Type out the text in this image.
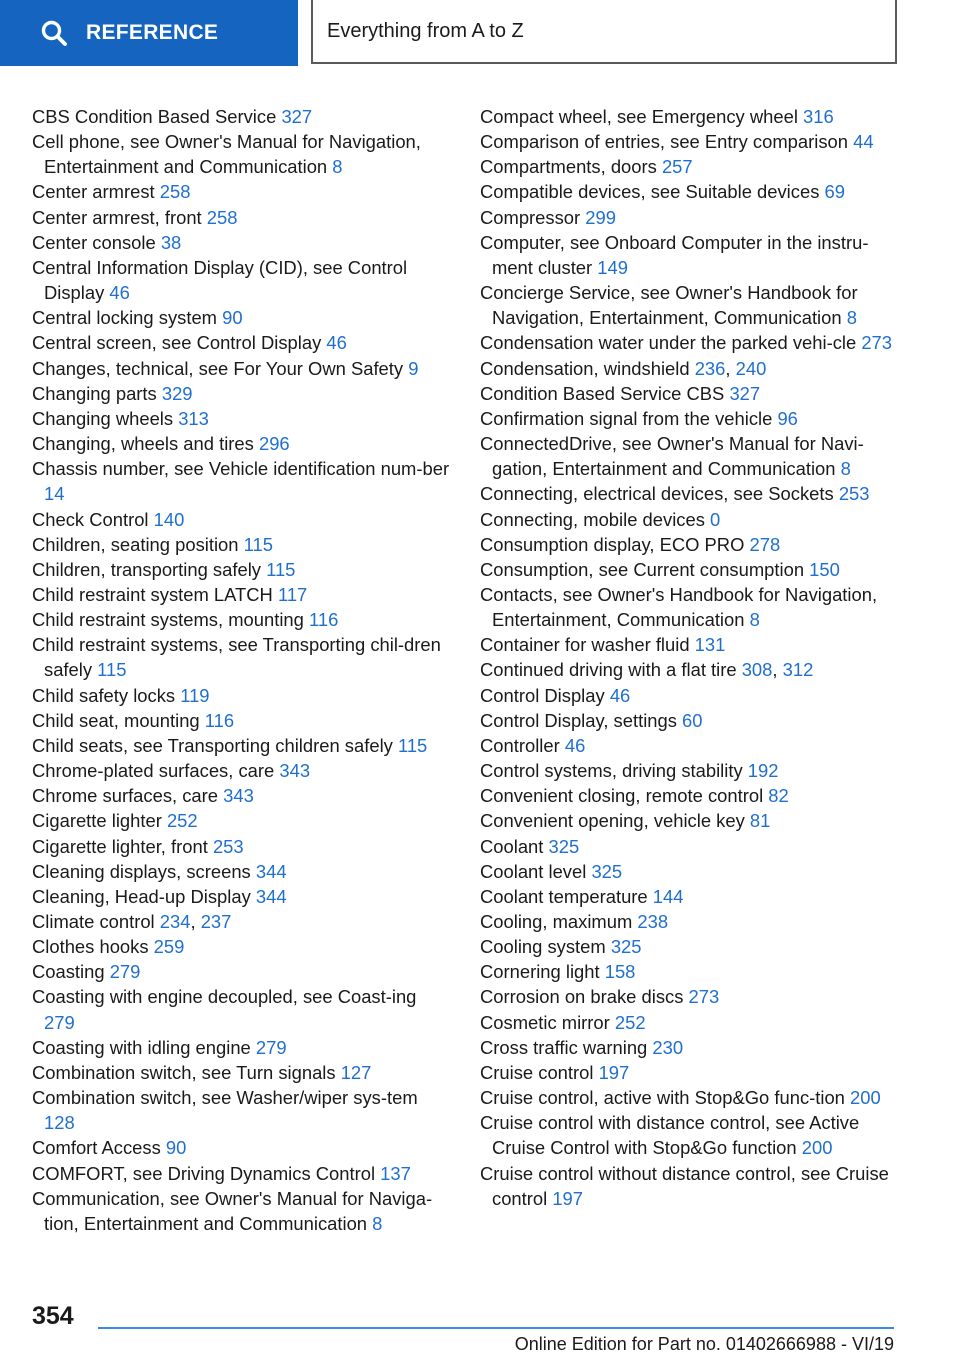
REFERENCE	Everything from A to Z
CBS Condition Based Service 327
Cell phone, see Owner's Manual for Navigation, Entertainment and Communication 8
Center armrest 258
Center armrest, front 258
Center console 38
Central Information Display (CID), see Control Display 46
Central locking system 90
Central screen, see Control Display 46
Changes, technical, see For Your Own Safety 9
Changing parts 329
Changing wheels 313
Changing, wheels and tires 296
Chassis number, see Vehicle identification num-ber 14
Check Control 140
Children, seating position 115
Children, transporting safely 115
Child restraint system LATCH 117
Child restraint systems, mounting 116
Child restraint systems, see Transporting chil-dren safely 115
Child safety locks 119
Child seat, mounting 116
Child seats, see Transporting children safely 115
Chrome-plated surfaces, care 343
Chrome surfaces, care 343
Cigarette lighter 252
Cigarette lighter, front 253
Cleaning displays, screens 344
Cleaning, Head-up Display 344
Climate control 234, 237
Clothes hooks 259
Coasting 279
Coasting with engine decoupled, see Coast-ing 279
Coasting with idling engine 279
Combination switch, see Turn signals 127
Combination switch, see Washer/wiper sys-tem 128
Comfort Access 90
COMFORT, see Driving Dynamics Control 137
Communication, see Owner's Manual for Naviga-tion, Entertainment and Communication 8
Compact wheel, see Emergency wheel 316
Comparison of entries, see Entry comparison 44
Compartments, doors 257
Compatible devices, see Suitable devices 69
Compressor 299
Computer, see Onboard Computer in the instru-ment cluster 149
Concierge Service, see Owner's Handbook for Navigation, Entertainment, Communication 8
Condensation water under the parked vehi-cle 273
Condensation, windshield 236, 240
Condition Based Service CBS 327
Confirmation signal from the vehicle 96
ConnectedDrive, see Owner's Manual for Navi-gation, Entertainment and Communication 8
Connecting, electrical devices, see Sockets 253
Connecting, mobile devices 0
Consumption display, ECO PRO 278
Consumption, see Current consumption 150
Contacts, see Owner's Handbook for Navigation, Entertainment, Communication 8
Container for washer fluid 131
Continued driving with a flat tire 308, 312
Control Display 46
Control Display, settings 60
Controller 46
Control systems, driving stability 192
Convenient closing, remote control 82
Convenient opening, vehicle key 81
Coolant 325
Coolant level 325
Coolant temperature 144
Cooling, maximum 238
Cooling system 325
Cornering light 158
Corrosion on brake discs 273
Cosmetic mirror 252
Cross traffic warning 230
Cruise control 197
Cruise control, active with Stop&Go func-tion 200
Cruise control with distance control, see Active Cruise Control with Stop&Go function 200
Cruise control without distance control, see Cruise control 197
354
Online Edition for Part no. 01402666988 - VI/19
